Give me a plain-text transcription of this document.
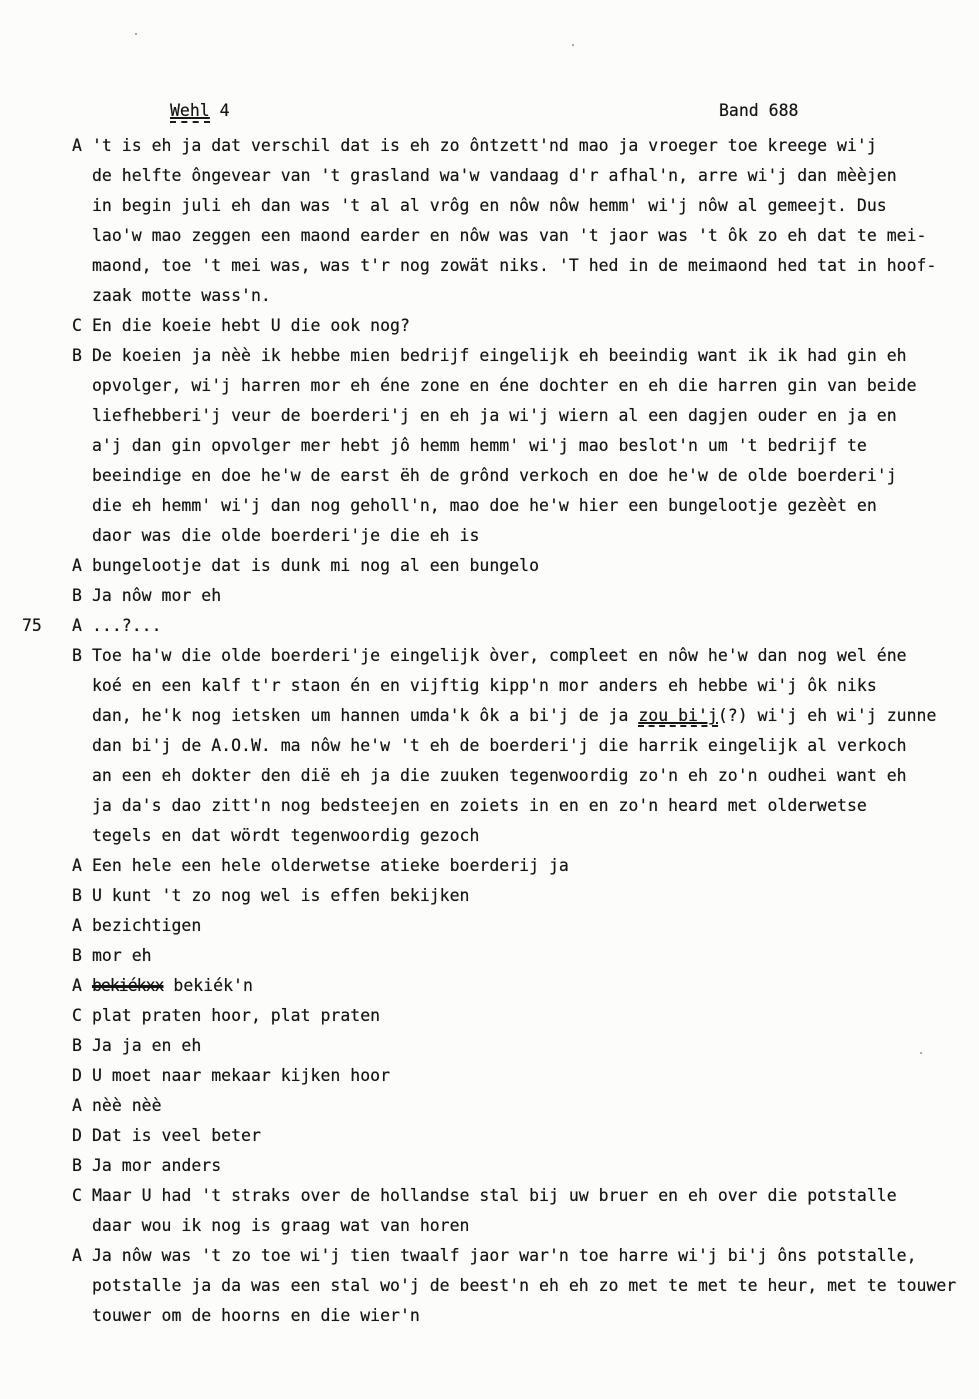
Wehl 4	Band 688
A 't is eh ja dat verschil dat is eh zo ôntzett'nd mao ja vroeger toe kreege wi'j
de helfte ôngevear van 't grasland wa'w vandaag d'r afhal'n, arre wi'j dan mèèjen
in begin juli eh dan was 't al al vrôg en nôw nôw hemm' wi'j nôw al gemeejt. Dus
lao'w mao zeggen een maond earder en nôw was van 't jaor was 't ôk zo eh dat te mei-
maond, toe 't mei was, was t'r nog zowät niks. 'T hed in de meimaond hed tat in hoof-
zaak motte wass'n.
C En die koeie hebt U die ook nog?
B De koeien ja nèè ik hebbe mien bedrijf eingelijk eh beeindig want ik ik had gin eh
opvolger, wi'j harren mor eh éne zone en éne dochter en eh die harren gin van beide
liefhebberi'j veur de boerderi'j en eh ja wi'j wiern al een dagjen ouder en ja en
a'j dan gin opvolger mer hebt jô hemm hemm' wi'j mao beslot'n um 't bedrijf te
beeindige en doe he'w de earst ëh de grônd verkoch en doe he'w de olde boerderi'j
die eh hemm' wi'j dan nog geholl'n, mao doe he'w hier een bungelootje gezèèt en
daor was die olde boerderi'je die eh is
A bungelootje dat is dunk mi nog al een bungelo
B Ja nôw mor eh
75 A ...?...
B Toe ha'w die olde boerderi'je eingelijk òver, compleet en nôw he'w dan nog wel éne
koé en een kalf t'r staon én en vijftig kipp'n mor anders eh hebbe wi'j ôk niks
dan, he'k nog ietsken um hannen umda'k ôk a bi'j de ja zou bi'j(?) wi'j eh wi'j zunne
dan bi'j de A.O.W. ma nôw he'w 't eh de boerderi'j die harrik eingelijk al verkoch
an een eh dokter den dië eh ja die zuuken tegenwoordig zo'n eh zo'n oudhei want eh
ja da's dao zitt'n nog bedsteejen en zoiets in en en zo'n heard met olderwetse
tegels en dat wördt tegenwoordig gezoch
A Een hele een hele olderwetse atieke boerderij ja
B U kunt 't zo nog wel is effen bekijken
A bezichtigen
B mor eh
A bekiékxx bekiék'n
C plat praten hoor, plat praten
B Ja ja en eh
D U moet naar mekaar kijken hoor
A nèè nèè
D Dat is veel beter
B Ja mor anders
C Maar U had 't straks over de hollandse stal bij uw bruer en eh over die potstalle
daar wou ik nog is graag wat van horen
A Ja nôw was 't zo toe wi'j tien twaalf jaor war'n toe harre wi'j bi'j ôns potstalle,
potstalle ja da was een stal wo'j de beest'n eh eh zo met te met te heur, met te touwer
touwer om de hoorns en die wier'n
